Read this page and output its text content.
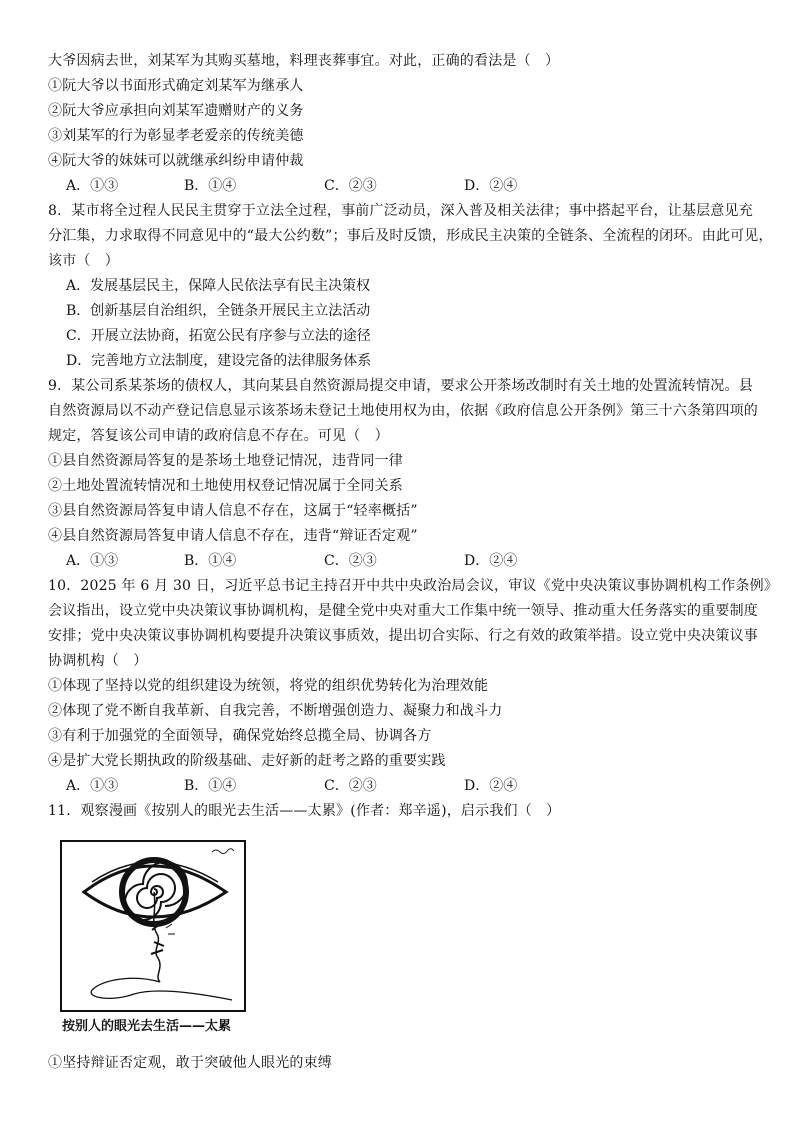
大爷因病去世，刘某军为其购买墓地，料理丧葬事宜。对此，正确的看法是（　）
①阮大爷以书面形式确定刘某军为继承人
②阮大爷应承担向刘某军遗赠财产的义务
③刘某军的行为彰显孝老爱亲的传统美德
④阮大爷的妹妹可以就继承纠纷申请仲裁
A．①③	B．①④	C．②③	D．②④
8．某市将全过程人民民主贯穿于立法全过程，事前广泛动员，深入普及相关法律；事中搭起平台，让基层意见充
分汇集，力求取得不同意见中的“最大公约数”；事后及时反馈，形成民主决策的全链条、全流程的闭环。由此可见，
该市（　）
A．发展基层民主，保障人民依法享有民主决策权
B．创新基层自治组织，全链条开展民主立法活动
C．开展立法协商，拓宽公民有序参与立法的途径
D．完善地方立法制度，建设完备的法律服务体系
9．某公司系某茶场的债权人，其向某县自然资源局提交申请，要求公开茶场改制时有关土地的处置流转情况。县
自然资源局以不动产登记信息显示该茶场未登记土地使用权为由，依据《政府信息公开条例》第三十六条第四项的
规定，答复该公司申请的政府信息不存在。可见（　）
①县自然资源局答复的是茶场土地登记情况，违背同一律
②土地处置流转情况和土地使用权登记情况属于全同关系
③县自然资源局答复申请人信息不存在，这属于“轻率概括”
④县自然资源局答复申请人信息不存在，违背“辩证否定观”
A．①③	B．①④	C．②③	D．②④
10．2025 年 6 月 30 日，习近平总书记主持召开中共中央政治局会议，审议《党中央决策议事协调机构工作条例》
会议指出，设立党中央决策议事协调机构，是健全党中央对重大工作集中统一领导、推动重大任务落实的重要制度
安排；党中央决策议事协调机构要提升决策议事质效，提出切合实际、行之有效的政策举措。设立党中央决策议事
协调机构（　）
①体现了坚持以党的组织建设为统领，将党的组织优势转化为治理效能
②体现了党不断自我革新、自我完善，不断增强创造力、凝聚力和战斗力
③有利于加强党的全面领导，确保党始终总揽全局、协调各方
④是扩大党长期执政的阶级基础、走好新的赶考之路的重要实践
A．①③	B．①④	C．②③	D．②④
11．观察漫画《按别人的眼光去生活——太累》(作者：郑辛遥)，启示我们（　）
按别人的眼光去生活——太累
①坚持辩证否定观，敢于突破他人眼光的束缚
